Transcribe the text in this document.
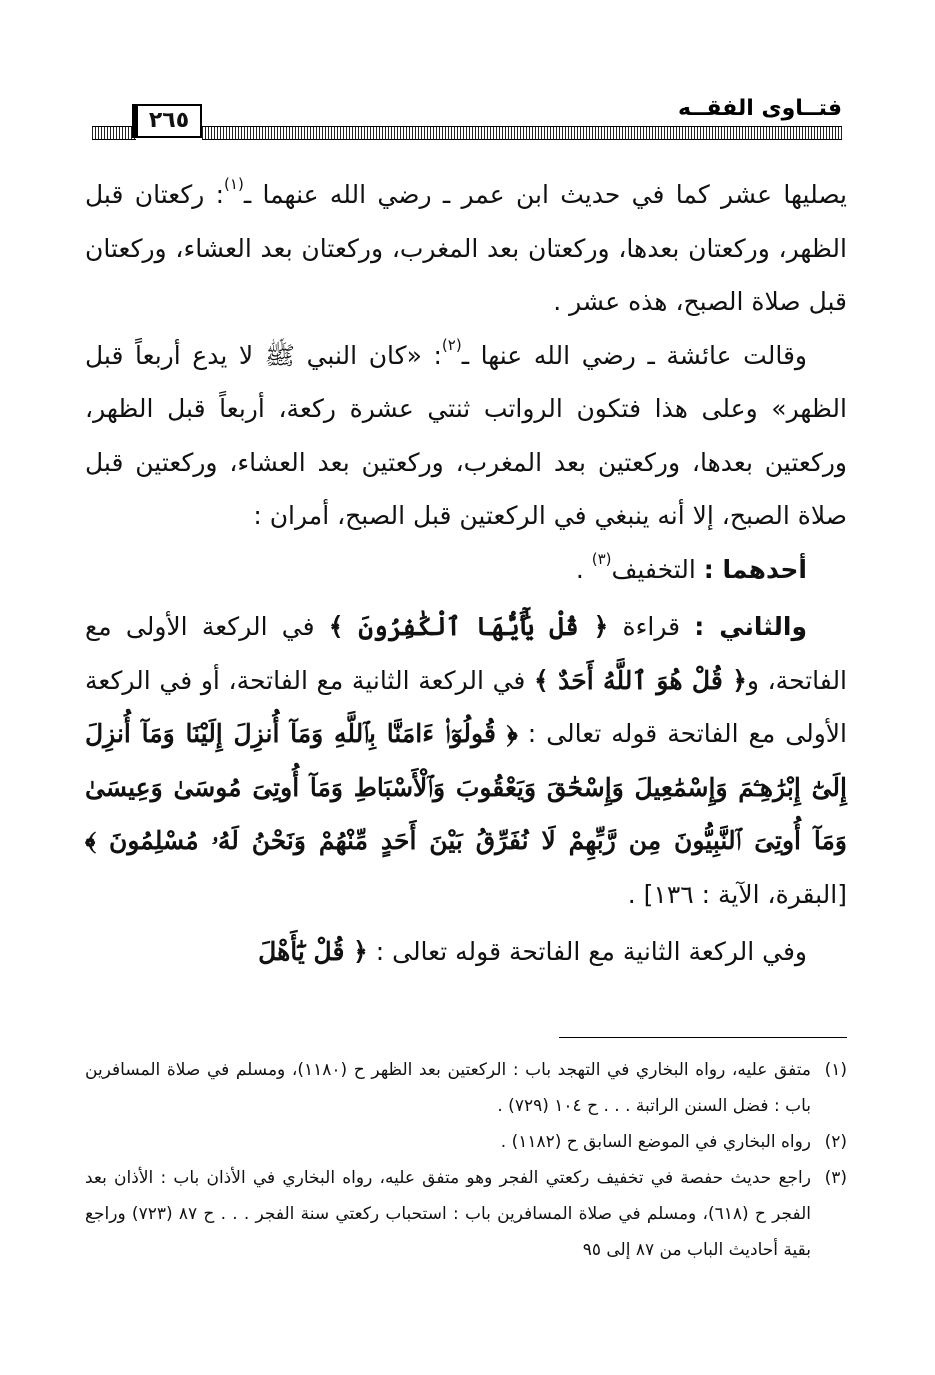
فتــاوى الفقــه
٢٦٥

يصليها عشر كما في حديث ابن عمر ـ رضي الله عنهما ـ$^{(١)}$: ركعتان قبل الظهر، وركعتان بعدها، وركعتان بعد المغرب، وركعتان بعد العشاء، وركعتان قبل صلاة الصبح، هذه عشر .

وقالت عائشة ـ رضي الله عنها ـ$^{(٢)}$: «كان النبي ﷺ لا يدع أربعاً قبل الظهر» وعلى هذا فتكون الرواتب ثنتي عشرة ركعة، أربعاً قبل الظهر، وركعتين بعدها، وركعتين بعد المغرب، وركعتين بعد العشاء، وركعتين قبل صلاة الصبح، إلا أنه ينبغي في الركعتين قبل الصبح، أمران :

أحدهما : التخفيف$^{(٣)}$ .

والثاني : قراءة ﴿ قُلْ يَٰٓأَيُّهَا ٱلْكَٰفِرُونَ ﴾ في الركعة الأولى مع الفاتحة، و﴿ قُلْ هُوَ ٱللَّهُ أَحَدٌ ﴾ في الركعة الثانية مع الفاتحة، أو في الركعة الأولى مع الفاتحة قوله تعالى : ﴿ قُولُوٓا۟ ءَامَنَّا بِٱللَّهِ وَمَآ أُنزِلَ إِلَيْنَا وَمَآ أُنزِلَ إِلَىٰٓ إِبْرَٰهِـۧمَ وَإِسْمَٰعِيلَ وَإِسْحَٰقَ وَيَعْقُوبَ وَٱلْأَسْبَاطِ وَمَآ أُوتِىَ مُوسَىٰ وَعِيسَىٰ وَمَآ أُوتِىَ ٱلنَّبِيُّونَ مِن رَّبِّهِمْ لَا نُفَرِّقُ بَيْنَ أَحَدٍ مِّنْهُمْ وَنَحْنُ لَهُۥ مُسْلِمُونَ ﴾ [البقرة، الآية : ١٣٦] .

وفي الركعة الثانية مع الفاتحة قوله تعالى : ﴿ قُلْ يَٰٓأَهْلَ

(١)
متفق عليه، رواه البخاري في التهجد باب : الركعتين بعد الظهر ح (١١٨٠)، ومسلم في صلاة المسافرين باب : فضل السنن الراتبة . . . ح ١٠٤ (٧٢٩) .
(٢)
رواه البخاري في الموضع السابق ح (١١٨٢) .
(٣)
راجع حديث حفصة في تخفيف ركعتي الفجر وهو متفق عليه، رواه البخاري في الأذان باب : الأذان بعد الفجر ح (٦١٨)، ومسلم في صلاة المسافرين باب : استحباب ركعتي سنة الفجر . . . ح ٨٧ (٧٢٣) وراجع بقية أحاديث الباب من ٨٧ إلى ٩٥
